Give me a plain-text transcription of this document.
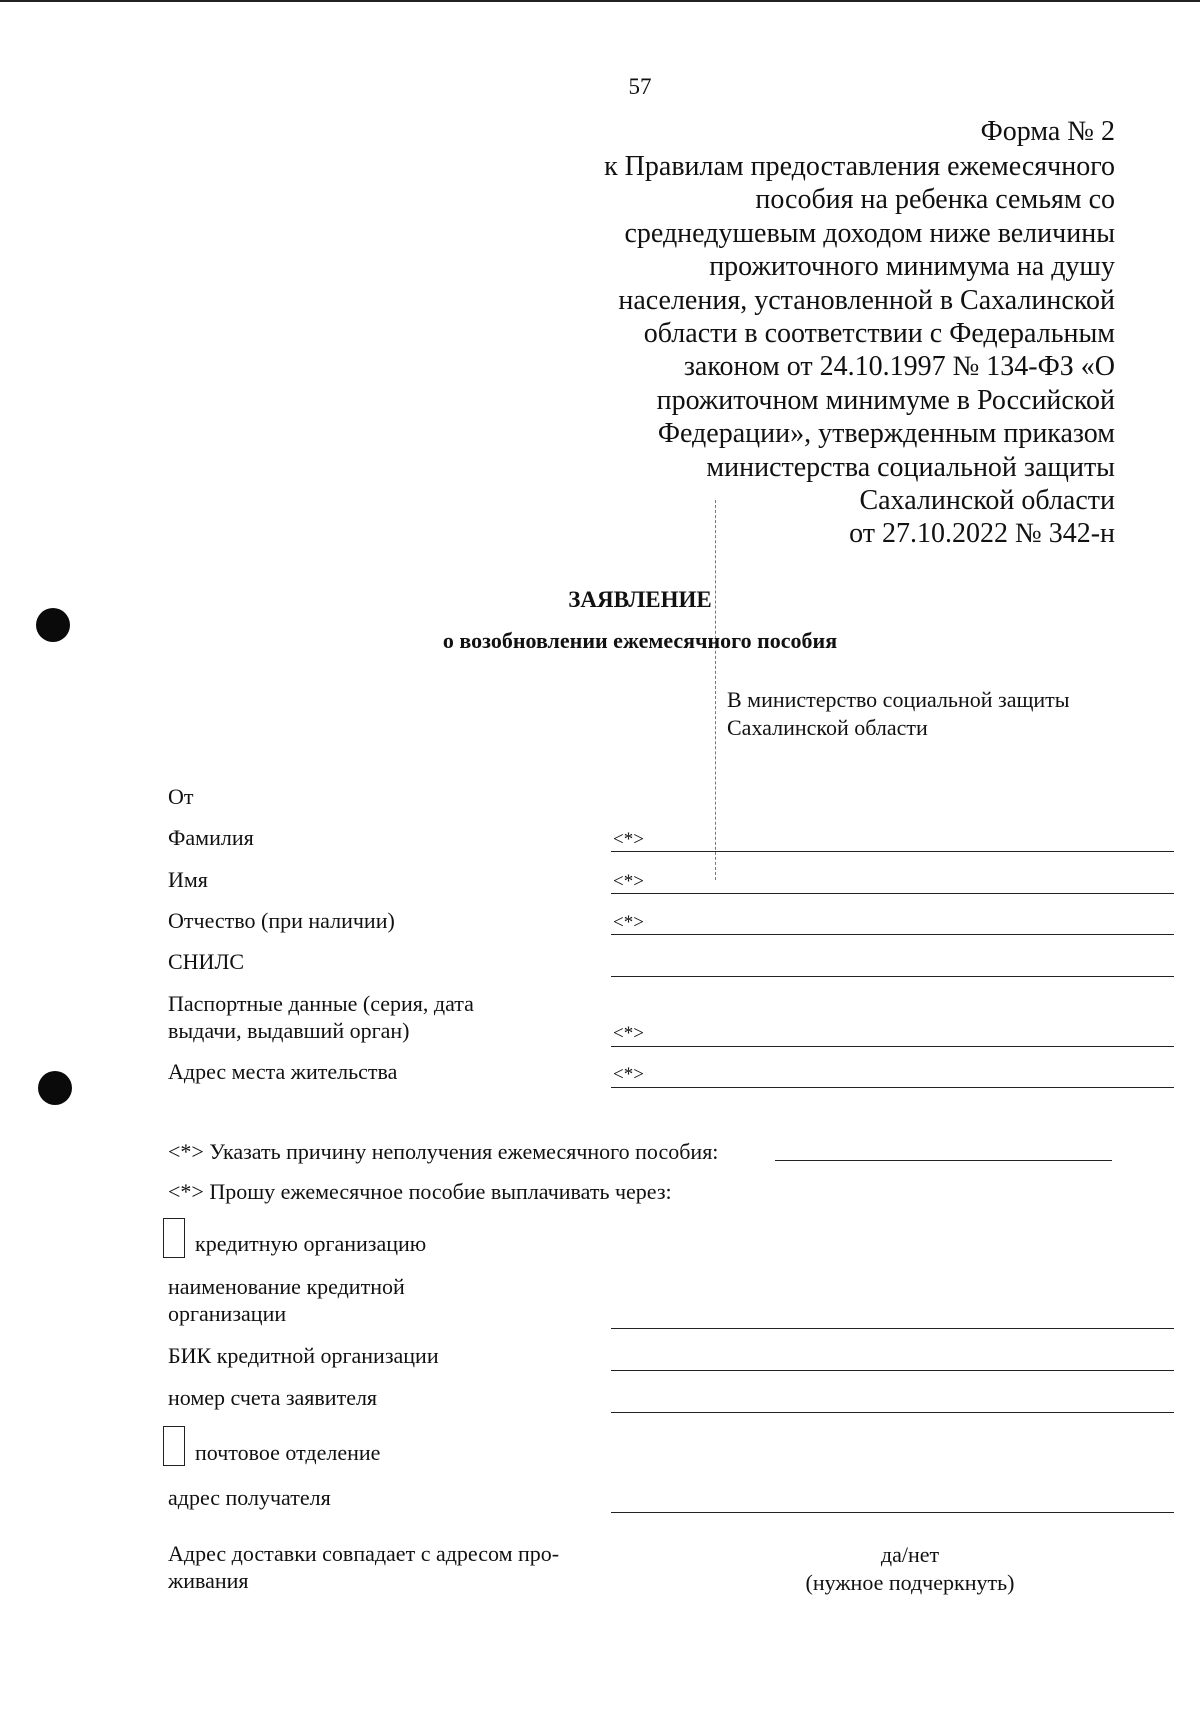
57
Форма № 2
к Правилам предоставления ежемесячного
пособия на ребенка семьям со
среднедушевым доходом ниже величины
прожиточного минимума на душу
населения, установленной в Сахалинской
области в соответствии с Федеральным
законом от 24.10.1997 № 134-ФЗ «О
прожиточном минимуме в Российской
Федерации», утвержденным приказом
министерства социальной защиты
Сахалинской области
от 27.10.2022 № 342-н
ЗАЯВЛЕНИЕ
о возобновлении ежемесячного пособия
В министерство социальной защиты
Сахалинской области
От
Фамилия	<*>
Имя	<*>
Отчество (при наличии)	<*>
СНИЛС
Паспортные данные (серия, дата
выдачи, выдавший орган)	<*>
Адрес места жительства	<*>
<*> Указать причину неполучения ежемесячного пособия:
<*> Прошу ежемесячное пособие выплачивать через:
кредитную организацию
наименование кредитной
организации
БИК кредитной организации
номер счета заявителя
почтовое отделение
адрес получателя
Адрес доставки совпадает с адресом про-
живания
да/нет
(нужное подчеркнуть)
